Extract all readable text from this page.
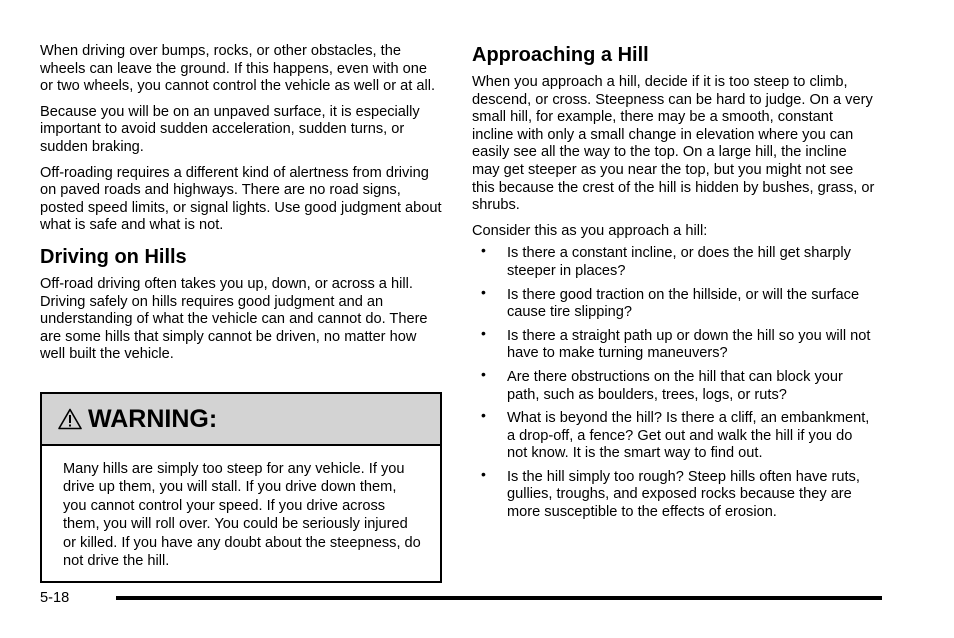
When driving over bumps, rocks, or other obstacles, the wheels can leave the ground. If this happens, even with one or two wheels, you cannot control the vehicle as well or at all.

Because you will be on an unpaved surface, it is especially important to avoid sudden acceleration, sudden turns, or sudden braking.

Off-roading requires a different kind of alertness from driving on paved roads and highways. There are no road signs, posted speed limits, or signal lights. Use good judgment about what is safe and what is not.

Driving on Hills

Off-road driving often takes you up, down, or across a hill. Driving safely on hills requires good judgment and an understanding of what the vehicle can and cannot do. There are some hills that simply cannot be driven, no matter how well built the vehicle.

WARNING:
Many hills are simply too steep for any vehicle. If you drive up them, you will stall. If you drive down them, you cannot control your speed. If you drive across them, you will roll over. You could be seriously injured or killed. If you have any doubt about the steepness, do not drive the hill.
Approaching a Hill

When you approach a hill, decide if it is too steep to climb, descend, or cross. Steepness can be hard to judge. On a very small hill, for example, there may be a smooth, constant incline with only a small change in elevation where you can easily see all the way to the top. On a large hill, the incline may get steeper as you near the top, but you might not see this because the crest of the hill is hidden by bushes, grass, or shrubs.

Consider this as you approach a hill:

• Is there a constant incline, or does the hill get sharply steeper in places?
• Is there good traction on the hillside, or will the surface cause tire slipping?
• Is there a straight path up or down the hill so you will not have to make turning maneuvers?
• Are there obstructions on the hill that can block your path, such as boulders, trees, logs, or ruts?
• What is beyond the hill? Is there a cliff, an embankment, a drop-off, a fence? Get out and walk the hill if you do not know. It is the smart way to find out.
• Is the hill simply too rough? Steep hills often have ruts, gullies, troughs, and exposed rocks because they are more susceptible to the effects of erosion.
5-18
